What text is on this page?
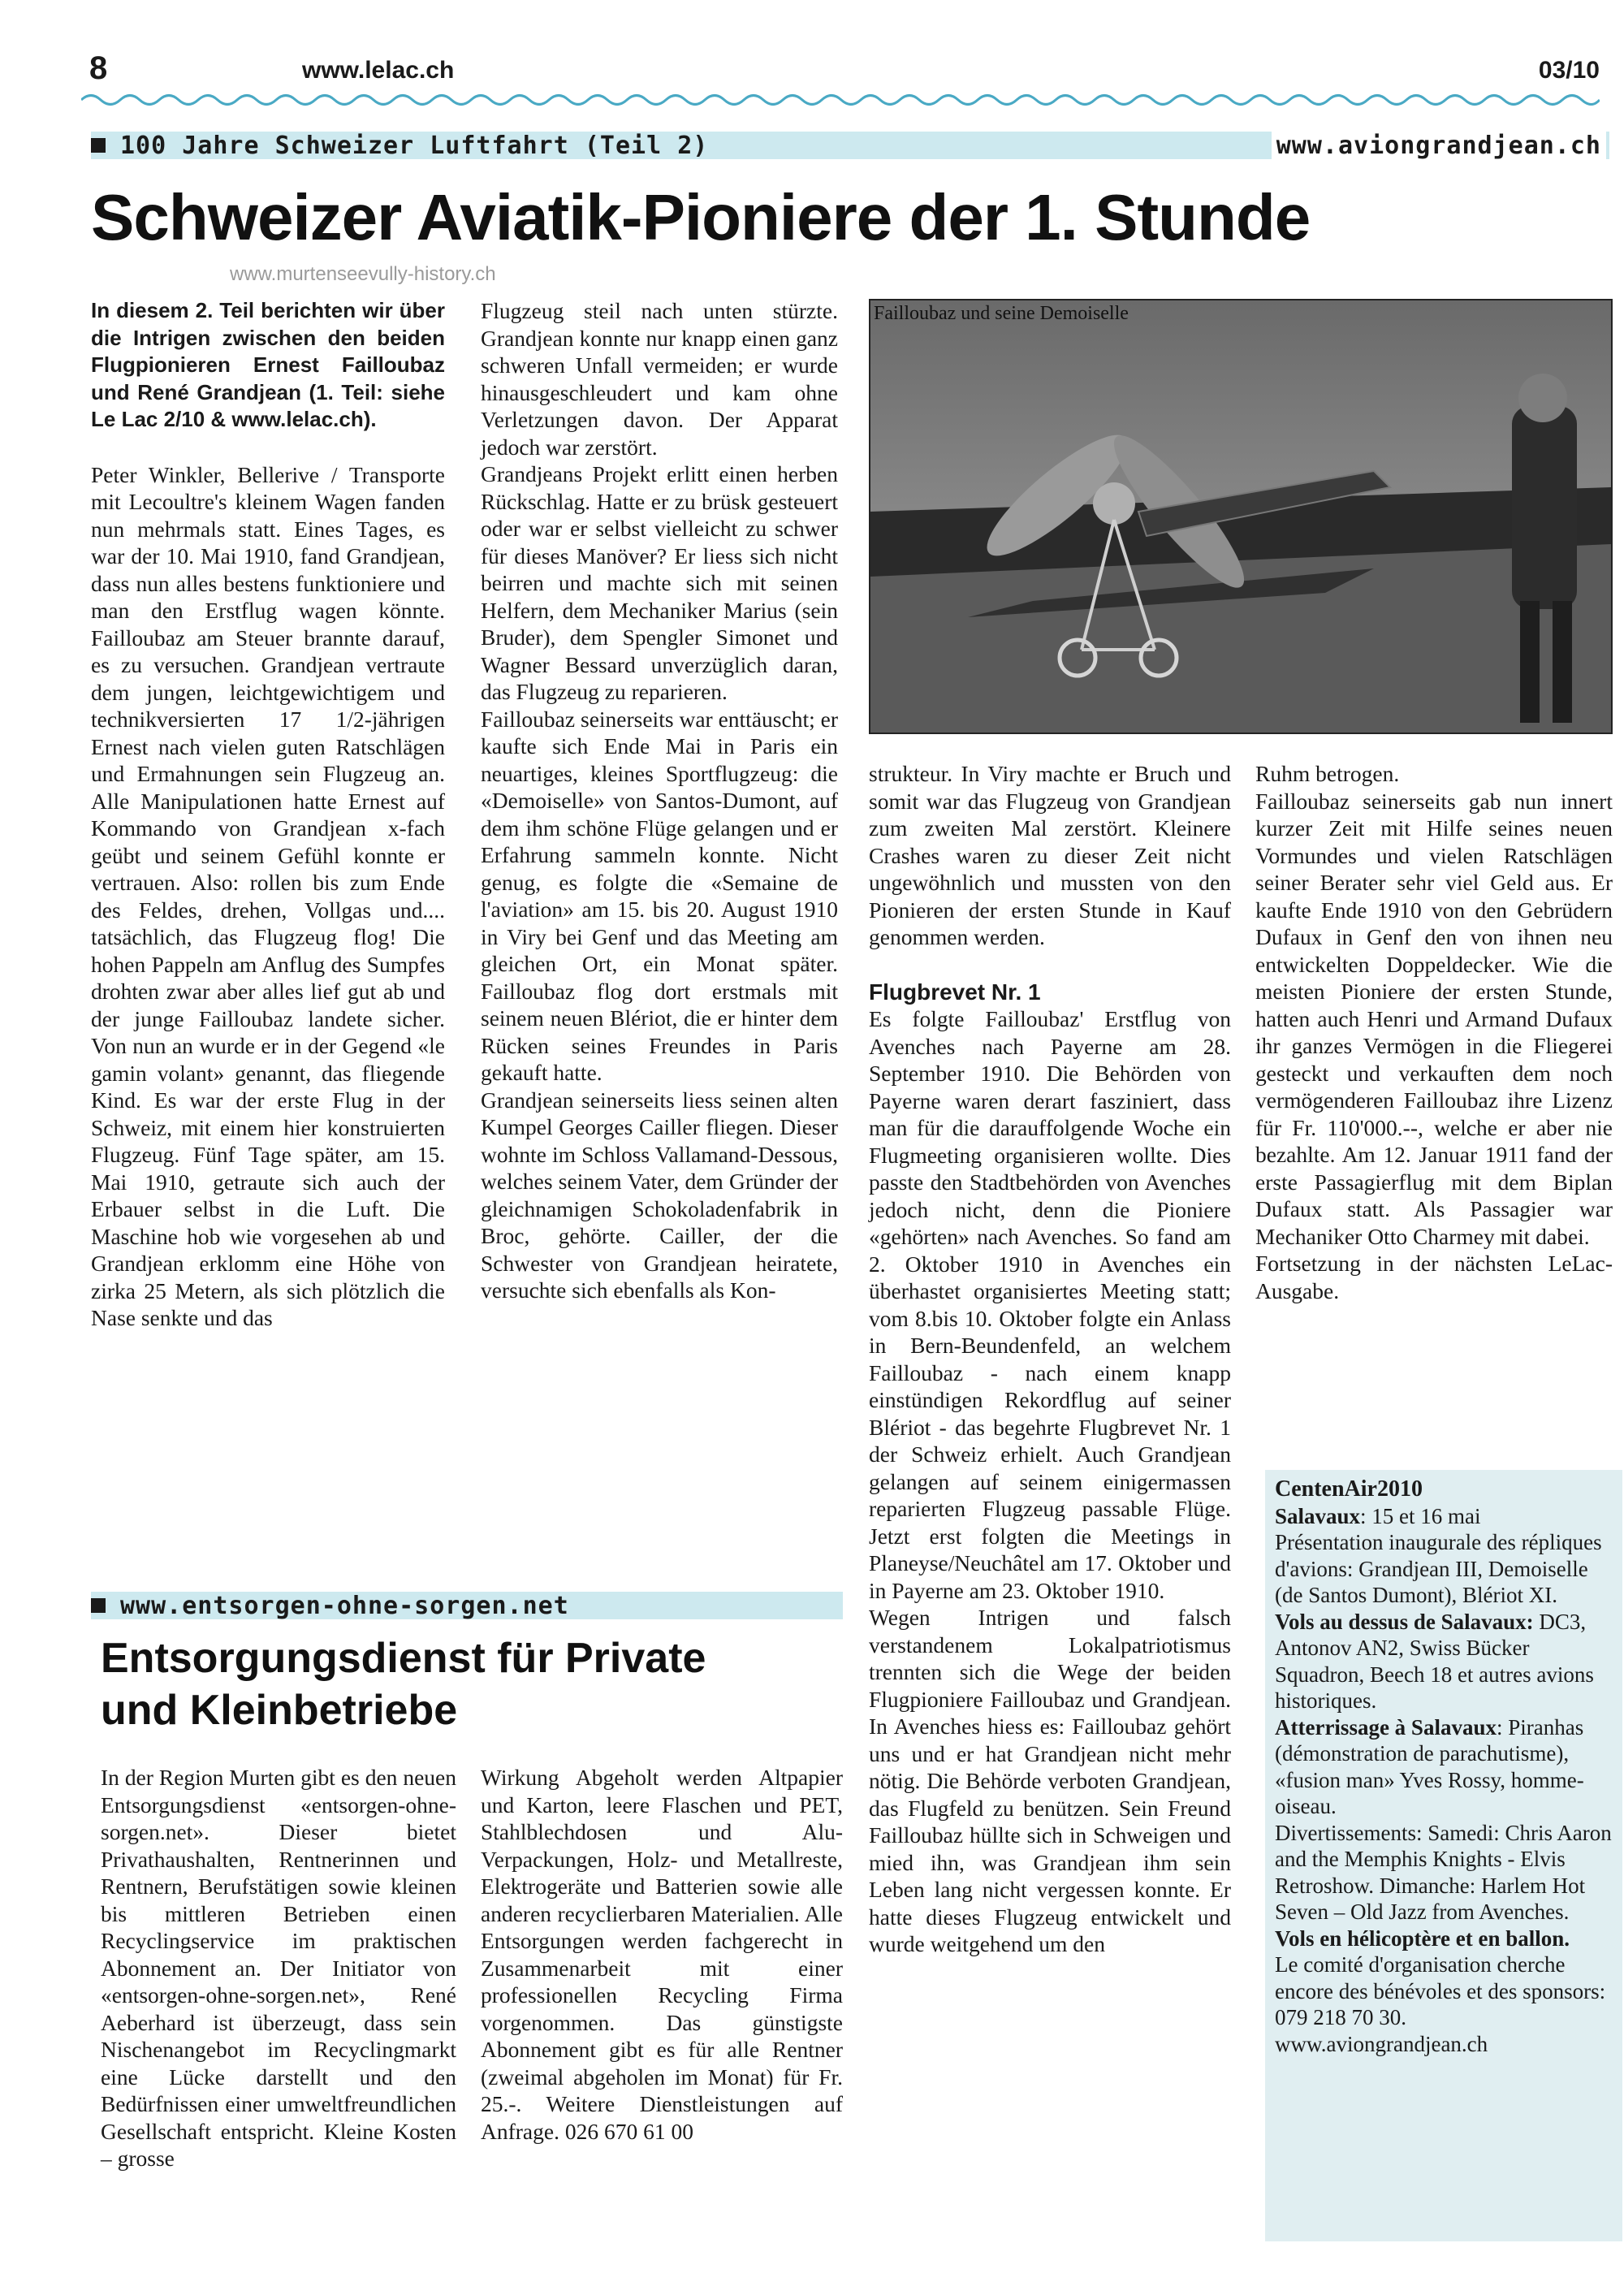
8	www.lelac.ch	03/10
100 Jahre Schweizer Luftfahrt (Teil 2)	www.aviongrandjean.ch
Schweizer Aviatik-Pioniere der 1. Stunde
www.murtenseevully-history.ch

In diesem 2. Teil berichten wir über die Intrigen zwischen den beiden Flugpionieren Ernest Failloubaz und René Grandjean (1. Teil: siehe Le Lac 2/10 & www.lelac.ch).

Peter Winkler, Bellerive / Transporte mit Lecoultre's kleinem Wagen fanden nun mehrmals statt. Eines Tages, es war der 10. Mai 1910, fand Grandjean, dass nun alles bestens funktioniere und man den Erstflug wagen könnte. Failloubaz am Steuer brannte darauf, es zu versuchen. Grandjean vertraute dem jungen, leichtgewichtigem und technikversierten 17 1/2-jährigen Ernest nach vielen guten Ratschlägen und Ermahnungen sein Flugzeug an. Alle Manipulationen hatte Ernest auf Kommando von Grandjean x-fach geübt und seinem Gefühl konnte er vertrauen. Also: rollen bis zum Ende des Feldes, drehen, Vollgas und.... tatsächlich, das Flugzeug flog! Die hohen Pappeln am Anflug des Sumpfes drohten zwar aber alles lief gut ab und der junge Failloubaz landete sicher. Von nun an wurde er in der Gegend «le gamin volant» genannt, das fliegende Kind. Es war der erste Flug in der Schweiz, mit einem hier konstruierten Flugzeug. Fünf Tage später, am 15. Mai 1910, getraute sich auch der Erbauer selbst in die Luft. Die Maschine hob wie vorgesehen ab und Grandjean erklomm eine Höhe von zirka 25 Metern, als sich plötzlich die Nase senkte und das

Flugzeug steil nach unten stürzte. Grandjean konnte nur knapp einen ganz schweren Unfall vermeiden; er wurde hinausgeschleudert und kam ohne Verletzungen davon. Der Apparat jedoch war zerstört.

Grandjeans Projekt erlitt einen herben Rückschlag. Hatte er zu brüsk gesteuert oder war er selbst vielleicht zu schwer für dieses Manöver? Er liess sich nicht beirren und machte sich mit seinen Helfern, dem Mechaniker Marius (sein Bruder), dem Spengler Simonet und Wagner Bessard unverzüglich daran, das Flugzeug zu reparieren.

Failloubaz seinerseits war enttäuscht; er kaufte sich Ende Mai in Paris ein neuartiges, kleines Sportflugzeug: die «Demoiselle» von Santos-Dumont, auf dem ihm schöne Flüge gelangen und er Erfahrung sammeln konnte. Nicht genug, es folgte die «Semaine de l'aviation» am 15. bis 20. August 1910 in Viry bei Genf und das Meeting am gleichen Ort, ein Monat später. Failloubaz flog dort erstmals mit seinem neuen Blériot, die er hinter dem Rücken seines Freundes in Paris gekauft hatte.

Grandjean seinerseits liess seinen alten Kumpel Georges Cailler fliegen. Dieser wohnte im Schloss Vallamand-Dessous, welches seinem Vater, dem Gründer der gleichnamigen Schokoladenfabrik in Broc, gehörte. Cailler, der die Schwester von Grandjean heiratete, versuchte sich ebenfalls als Kon-

Failloubaz und seine Demoiselle

strukteur. In Viry machte er Bruch und somit war das Flugzeug von Grandjean zum zweiten Mal zerstört. Kleinere Crashes waren zu dieser Zeit nicht ungewöhnlich und mussten von den Pionieren der ersten Stunde in Kauf genommen werden.

Flugbrevet Nr. 1

Es folgte Failloubaz' Erstflug von Avenches nach Payerne am 28. September 1910. Die Behörden von Payerne waren derart fasziniert, dass man für die darauffolgende Woche ein Flugmeeting organisieren wollte. Dies passte den Stadtbehörden von Avenches jedoch nicht, denn die Pioniere «gehörten» nach Avenches. So fand am 2. Oktober 1910 in Avenches ein überhastet organisiertes Meeting statt; vom 8.bis 10. Oktober folgte ein Anlass in Bern-Beundenfeld, an welchem Failloubaz - nach einem knapp einstündigen Rekordflug auf seiner Blériot - das begehrte Flugbrevet Nr. 1 der Schweiz erhielt. Auch Grandjean gelangen auf seinem einigermassen reparierten Flugzeug passable Flüge. Jetzt erst folgten die Meetings in Planeyse/Neuchâtel am 17. Oktober und in Payerne am 23. Oktober 1910.

Wegen Intrigen und falsch verstandenem Lokalpatriotismus trennten sich die Wege der beiden Flugpioniere Failloubaz und Grandjean. In Avenches hiess es: Failloubaz gehört uns und er hat Grandjean nicht mehr nötig. Die Behörde verboten Grandjean, das Flugfeld zu benützen. Sein Freund Failloubaz hüllte sich in Schweigen und mied ihn, was Grandjean ihm sein Leben lang nicht vergessen konnte. Er hatte dieses Flugzeug entwickelt und wurde weitgehend um den

Ruhm betrogen.

Failloubaz seinerseits gab nun innert kurzer Zeit mit Hilfe seines neuen Vormundes und vielen Ratschlägen seiner Berater sehr viel Geld aus. Er kaufte Ende 1910 von den Gebrüdern Dufaux in Genf den von ihnen neu entwickelten Doppeldecker. Wie die meisten Pioniere der ersten Stunde, hatten auch Henri und Armand Dufaux ihr ganzes Vermögen in die Fliegerei gesteckt und verkauften dem noch vermögenderen Failloubaz ihre Lizenz für Fr. 110'000.--, welche er aber nie bezahlte. Am 12. Januar 1911 fand der erste Passagierflug mit dem Biplan Dufaux statt. Als Passagier war Mechaniker Otto Charmey mit dabei.

Fortsetzung in der nächsten LeLac-Ausgabe.

CentenAir2010
Salavaux: 15 et 16 mai
Présentation inaugurale des répliques d'avions: Grandjean III, Demoiselle (de Santos Dumont), Blériot XI.
Vols au dessus de Salavaux: DC3, Antonov AN2, Swiss Bücker Squadron, Beech 18 et autres avions historiques.
Atterrissage à Salavaux: Piranhas (démonstration de parachutisme), «fusion man» Yves Rossy, homme-oiseau.
Divertissements: Samedi: Chris Aaron and the Memphis Knights - Elvis Retroshow. Dimanche: Harlem Hot Seven – Old Jazz from Avenches. Vols en hélicoptère et en ballon.
Le comité d'organisation cherche encore des bénévoles et des sponsors: 079 218 70 30.
www.aviongrandjean.ch
www.entsorgen-ohne-sorgen.net
Entsorgungsdienst für Private
und Kleinbetriebe

In der Region Murten gibt es den neuen Entsorgungsdienst «entsorgen-ohne-sorgen.net». Dieser bietet Privathaushalten, Rentnerinnen und Rentnern, Berufstätigen sowie kleinen bis mittleren Betrieben einen Recyclingservice im praktischen Abonnement an. Der Initiator von «entsorgen-ohne-sorgen.net», René Aeberhard ist überzeugt, dass sein Nischenangebot im Recyclingmarkt eine Lücke darstellt und den Bedürfnissen einer umweltfreundlichen Gesellschaft entspricht. Kleine Kosten – grosse

Wirkung Abgeholt werden Altpapier und Karton, leere Flaschen und PET, Stahlblechdosen und Alu-Verpackungen, Holz- und Metallreste, Elektrogeräte und Batterien sowie alle anderen recyclierbaren Materialien. Alle Entsorgungen werden fachgerecht in Zusammenarbeit mit einer professionellen Recycling Firma vorgenommen. Das günstigste Abonnement gibt es für alle Rentner (zweimal abgeholen im Monat) für Fr. 25.-. Weitere Dienstleistungen auf Anfrage. 026 670 61 00
